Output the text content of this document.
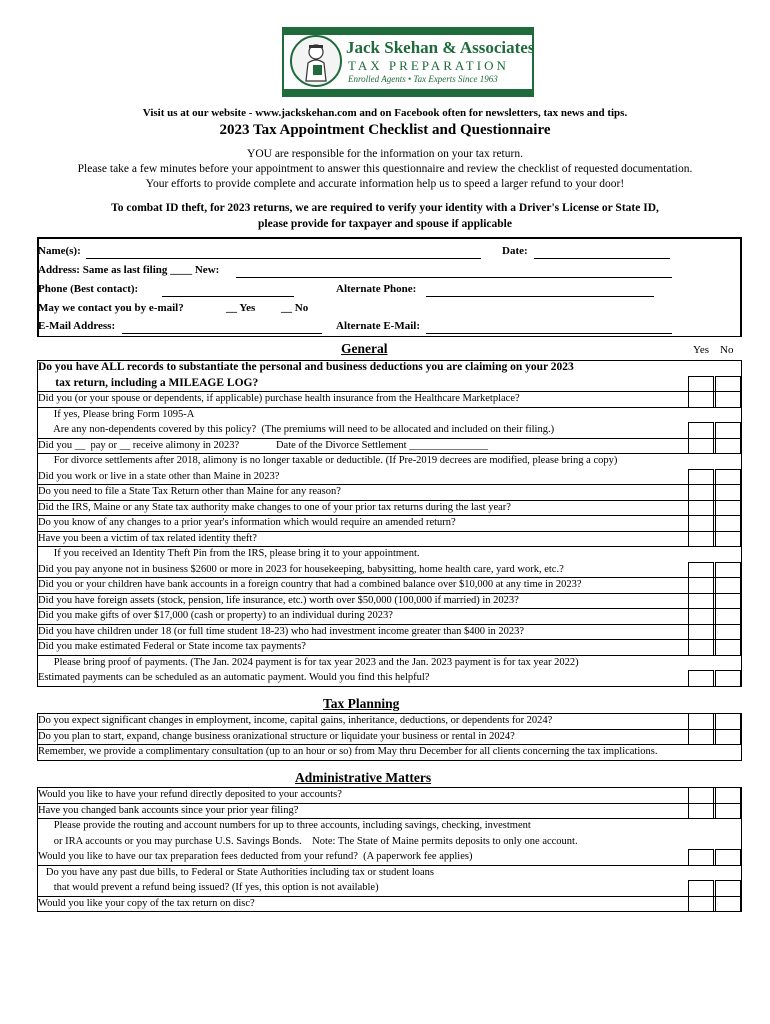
Jack Skehan & Associates
TAX PREPARATION
Enrolled Agents • Tax Experts Since 1963
Visit us at our website - www.jackskehan.com and on Facebook often for newsletters, tax news and tips.
2023 Tax Appointment Checklist and Questionnaire
YOU are responsible for the information on your tax return.
Please take a few minutes before your appointment to answer this questionnaire and review the checklist of requested documentation.
Your efforts to provide complete and accurate information help us to speed a larger refund to your door!
To combat ID theft, for 2023 returns, we are required to verify your identity with a Driver's License or State ID,
please provide for taxpayer and spouse if applicable
Name(s):	Date:
Address: Same as last filing ____ New:
Phone (Best contact):	Alternate Phone:
May we contact you by e-mail?	__ Yes __ No
E-Mail Address:	Alternate E-Mail:
General	Yes No
Do you have ALL records to substantiate the personal and business deductions you are claiming on your 2023
tax return, including a MILEAGE LOG?
Did you (or your spouse or dependents, if applicable) purchase health insurance from the Healthcare Marketplace?
If yes, Please bring Form 1095-A
Are any non-dependents covered by this policy?  (The premiums will need to be allocated and included on their filing.)
Did you __  pay or __ receive alimony in 2023?              Date of the Divorce Settlement _______________
For divorce settlements after 2018, alimony is no longer taxable or deductible. (If Pre-2019 decrees are modified, please bring a copy)
Did you work or live in a state other than Maine in 2023?
Do you need to file a State Tax Return other than Maine for any reason?
Did the IRS, Maine or any State tax authority make changes to one of your prior tax returns during the last year?
Do you know of any changes to a prior year's information which would require an amended return?
Have you been a victim of tax related identity theft?
If you received an Identity Theft Pin from the IRS, please bring it to your appointment.
Did you pay anyone not in business $2600 or more in 2023 for housekeeping, babysitting, home health care, yard work, etc.?
Did you or your children have bank accounts in a foreign country that had a combined balance over $10,000 at any time in 2023?
Did you have foreign assets (stock, pension, life insurance, etc.) worth over $50,000 (100,000 if married) in 2023?
Did you make gifts of over $17,000 (cash or property) to an individual during 2023?
Did you have children under 18 (or full time student 18-23) who had investment income greater than $400 in 2023?
Did you make estimated Federal or State income tax payments?
Please bring proof of payments. (The Jan. 2024 payment is for tax year 2023 and the Jan. 2023 payment is for tax year 2022)
Estimated payments can be scheduled as an automatic payment. Would you find this helpful?
Tax Planning
Do you expect significant changes in employment, income, capital gains, inheritance, deductions, or dependents for 2024?
Do you plan to start, expand, change business oranizational structure or liquidate your business or rental in 2024?
Remember, we provide a complimentary consultation (up to an hour or so) from May thru December for all clients concerning the tax implications.
Administrative Matters
Would you like to have your refund directly deposited to your accounts?
Have you changed bank accounts since your prior year filing?
Please provide the routing and account numbers for up to three accounts, including savings, checking, investment
or IRA accounts or you may purchase U.S. Savings Bonds.    Note: The State of Maine permits deposits to only one account.
Would you like to have our tax preparation fees deducted from your refund?  (A paperwork fee applies)
Do you have any past due bills, to Federal or State Authorities including tax or student loans
that would prevent a refund being issued? (If yes, this option is not available)
Would you like your copy of the tax return on disc?
